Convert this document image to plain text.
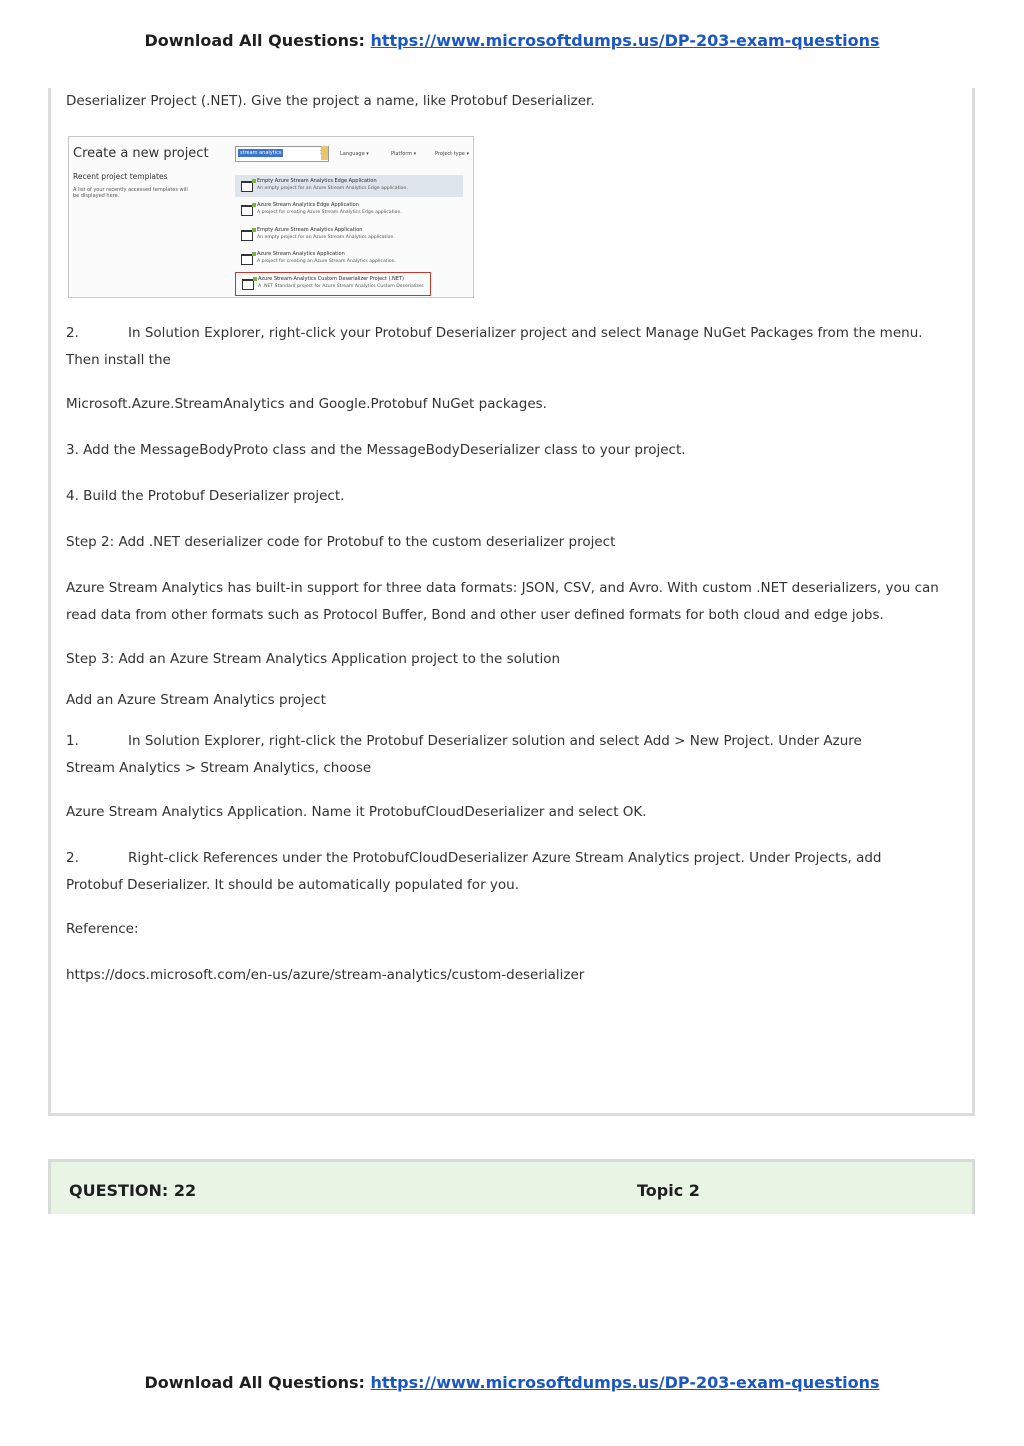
Download All Questions: https://www.microsoftdumps.us/DP-203-exam-questions
Deserializer Project (.NET). Give the project a name, like Protobuf Deserializer.
Create a new project
Recent project templates
A list of your recently accessed templates will be displayed here.
stream analytics	Language ▾	Platform ▾	Project type ▾
Empty Azure Stream Analytics Edge Application
An empty project for an Azure Stream Analytics Edge application.
Azure Stream Analytics Edge Application
A project for creating Azure Stream Analytics Edge application.
Empty Azure Stream Analytics Application
An empty project for an Azure Stream Analytics application.
Azure Stream Analytics Application
A project for creating an Azure Stream Analytics application.
Azure Stream Analytics Custom Deserializer Project (.NET)
A .NET Standard project for Azure Stream Analytics Custom Deserializer.
2.	In Solution Explorer, right-click your Protobuf Deserializer project and select Manage NuGet Packages from the menu. Then install the
Microsoft.Azure.StreamAnalytics and Google.Protobuf NuGet packages.
3. Add the MessageBodyProto class and the MessageBodyDeserializer class to your project.
4. Build the Protobuf Deserializer project.
Step 2: Add .NET deserializer code for Protobuf to the custom deserializer project
Azure Stream Analytics has built-in support for three data formats: JSON, CSV, and Avro. With custom .NET deserializers, you can read data from other formats such as Protocol Buffer, Bond and other user defined formats for both cloud and edge jobs.
Step 3: Add an Azure Stream Analytics Application project to the solution
Add an Azure Stream Analytics project
1.	In Solution Explorer, right-click the Protobuf Deserializer solution and select Add > New Project. Under Azure Stream Analytics > Stream Analytics, choose
Azure Stream Analytics Application. Name it ProtobufCloudDeserializer and select OK.
2.	Right-click References under the ProtobufCloudDeserializer Azure Stream Analytics project. Under Projects, add Protobuf Deserializer. It should be automatically populated for you.
Reference:
https://docs.microsoft.com/en-us/azure/stream-analytics/custom-deserializer
QUESTION: 22	Topic 2
Download All Questions: https://www.microsoftdumps.us/DP-203-exam-questions
